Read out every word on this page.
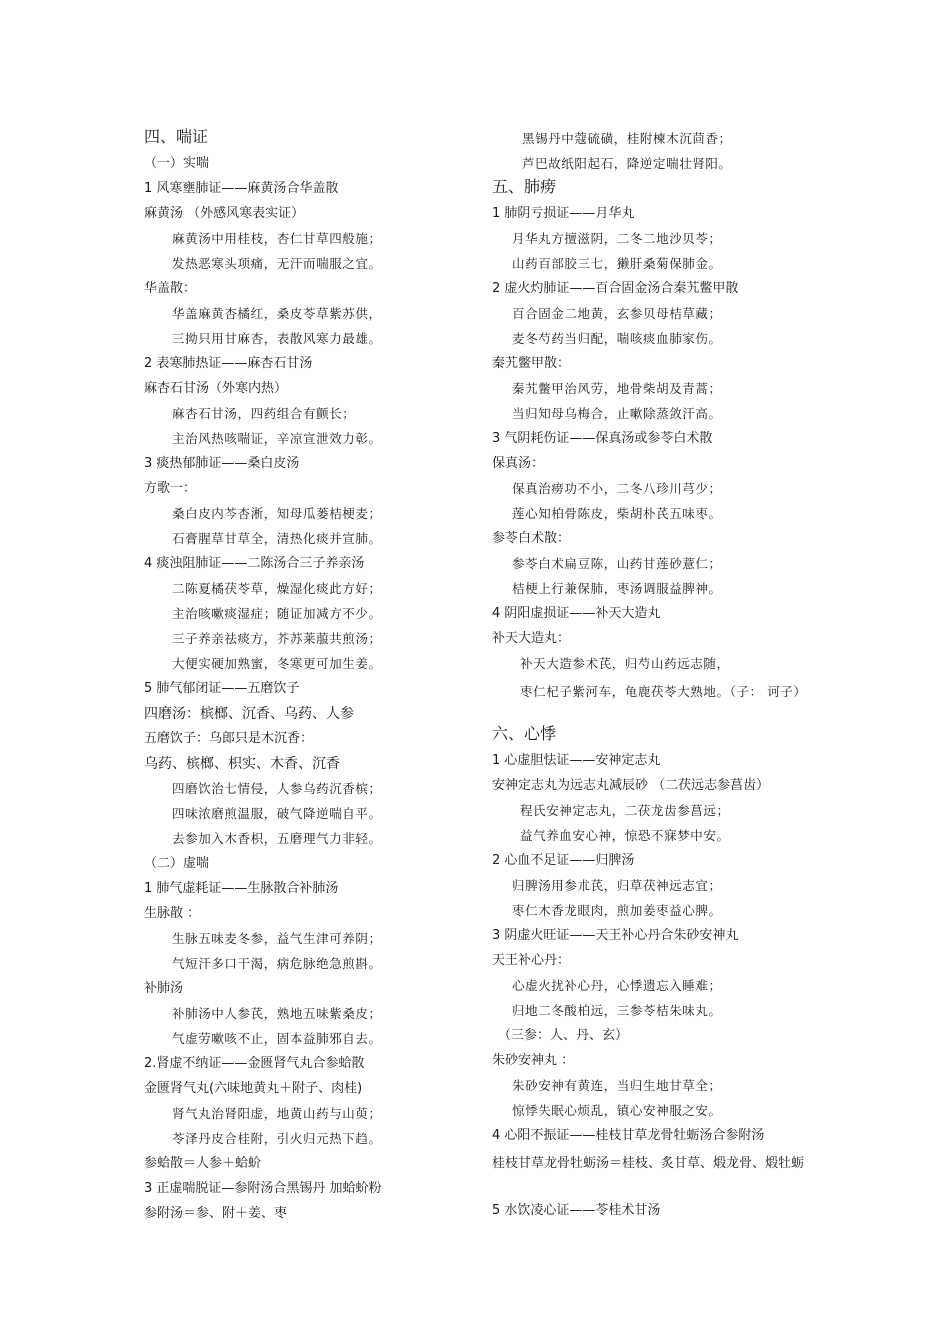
四、喘证
（一）实喘
1 风寒壅肺证——麻黄汤合华盖散
麻黄汤 （外感风寒表实证）
麻黄汤中用桂枝，杏仁甘草四般施；
发热恶寒头项痛，无汗而喘服之宜。
华盖散：
华盖麻黄杏橘红，桑皮苓草紫苏供，
三拗只用甘麻杏，表散风寒力最雄。
2 表寒肺热证——麻杏石甘汤
麻杏石甘汤（外寒内热）
麻杏石甘汤，四药组合有颤长；
主治风热咳喘证，辛凉宣泄效力彰。
3 痰热郁肺证——桑白皮汤
方歌一：
桑白皮内芩杏淅，知母瓜蒌桔梗麦；
石膏腥草甘草全，清热化痰并宣肺。
4 痰浊阻肺证——二陈汤合三子养亲汤
二陈夏橘茯苓草，燥湿化痰此方好；
主治咳嗽痰湿症；随证加减方不少。
三子养亲祛痰方，芥苏莱菔共煎汤；
大便实硬加熟蜜，冬寒更可加生姜。
5 肺气郁闭证——五磨饮子
四磨汤：槟榔、沉香、乌药、人参
五磨饮子：乌郎只是木沉香：
乌药、槟榔、枳实、木香、沉香
四磨饮治七情侵，人参乌药沉香槟；
四味浓磨煎温服，破气降逆喘自平。
去参加入木香枳，五磨理气力非轻。
（二）虚喘
1 肺气虚耗证——生脉散合补肺汤
生脉散 ：
生脉五味麦冬参，益气生津可养阴；
气短汗多口干渴，病危脉绝急煎斟。
补肺汤
补肺汤中人参芪，熟地五味紫桑皮；
气虚劳嗽咳不止，固本益肺邪自去。
2.肾虚不纳证——金匮肾气丸合参蛤散
金匮肾气丸(六味地黄丸＋附子、肉桂)
肾气丸治肾阳虚，地黄山药与山萸；
苓泽丹皮合桂附，引火归元热下趋。
参蛤散＝人参＋蛤蚧
3 正虚喘脱证—参附汤合黑锡丹 加蛤蚧粉
参附汤＝参、附＋姜、枣
黑锡丹中蔻硫磺，桂附楝木沉茴香；
芦巴故纸阳起石，降逆定喘壮肾阳。
五、肺痨
1 肺阴亏损证——月华丸
月华丸方擅滋阴，二冬二地沙贝苓；
山药百部胶三七，獭肝桑菊保肺金。
2 虚火灼肺证——百合固金汤合秦艽鳖甲散
百合固金二地黄，玄参贝母桔草藏；
麦冬芍药当归配，喘咳痰血肺家伤。
秦艽鳖甲散：
秦艽鳖甲治风劳，地骨柴胡及青蒿；
当归知母乌梅合，止嗽除蒸敛汗高。
3 气阴耗伤证——保真汤或参苓白术散
保真汤：
保真治痨功不小，二冬八珍川芎少；
莲心知柏骨陈皮，柴胡朴芪五味枣。
参苓白术散：
参苓白术扁豆陈，山药甘莲砂薏仁；
桔梗上行兼保肺，枣汤调服益脾神。
4 阴阳虚损证——补天大造丸
补天大造丸：
补天大造参术芪，归芍山药远志随，
枣仁杞子紫河车，龟鹿茯苓大熟地。（子： 诃子）
六、心悸
1 心虚胆怯证——安神定志丸
安神定志丸为远志丸减辰砂 （二茯远志参菖齿）
程氏安神定志丸，二茯龙齿参菖远；
益气养血安心神，惊恐不寐梦中安。
2 心血不足证——归脾汤
归脾汤用参朮芪，归草茯神远志宜；
枣仁木香龙眼肉，煎加姜枣益心脾。
3 阴虚火旺证——天王补心丹合朱砂安神丸
天王补心丹：
心虚火扰补心丹，心悸遗忘入睡难；
归地二冬酸柏远，三参苓桔朱味丸。
（三参：人、丹、玄）
朱砂安神丸 ：
朱砂安神有黄连，当归生地甘草全；
惊悸失眠心烦乱，镇心安神服之安。
4 心阳不振证——桂枝甘草龙骨牡蛎汤合参附汤
桂枝甘草龙骨牡蛎汤＝桂枝、炙甘草、煅龙骨、煅牡蛎
5 水饮凌心证——苓桂术甘汤
